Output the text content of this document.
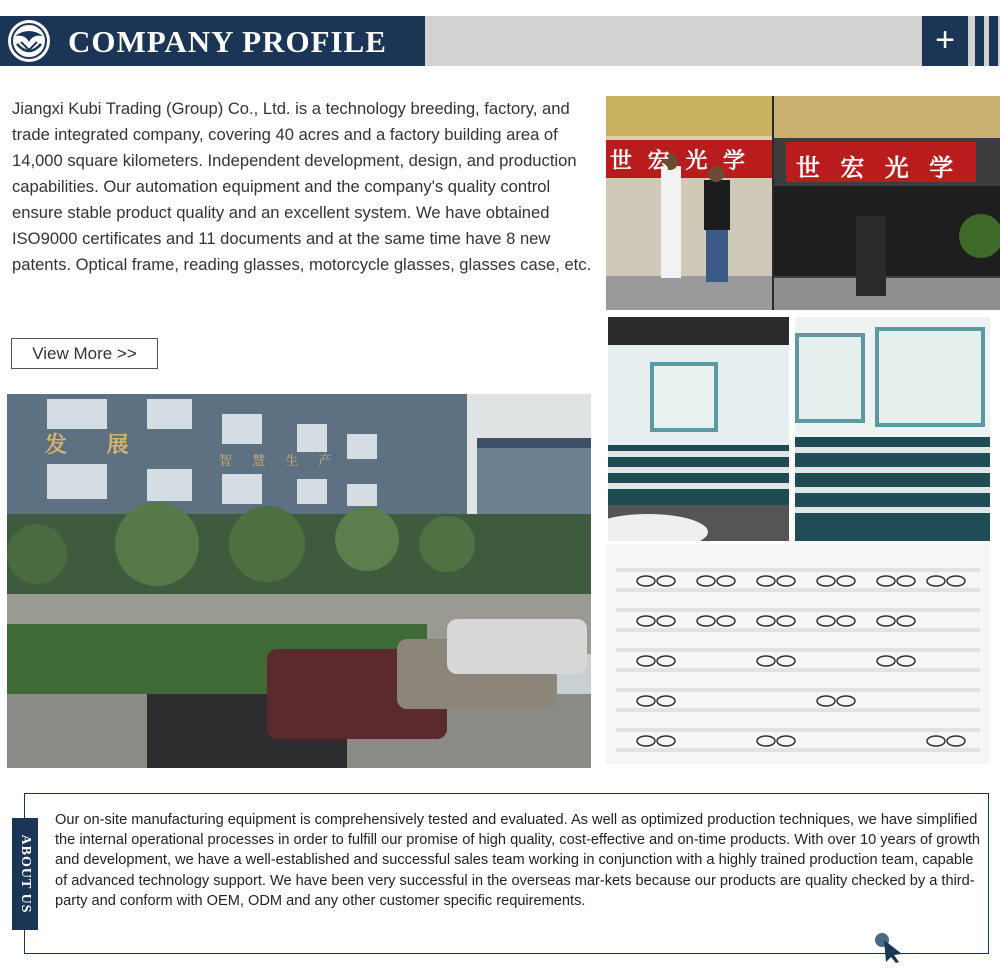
COMPANY PROFILE	+
Jiangxi Kubi Trading (Group) Co., Ltd. is a technology breeding, factory, and trade integrated company, covering 40 acres and a factory building area of 14,000 square kilometers. Independent development, design, and production capabilities. Our automation equipment and the company's quality control ensure stable product quality and an excellent system. We have obtained ISO9000 certificates and 11 documents and at the same time have 8 new patents. Optical frame, reading glasses, motorcycle glasses, glasses case, etc.
View More >>
世 宏 光 学 世 宏 光 学
发 展
智 慧 生 产
ABOUT US
Our on-site manufacturing equipment is comprehensively tested and evaluated. As well as optimized production techniques, we have simplified the internal operational processes in order to fulfill our promise of high quality, cost-effective and on-time products. With over 10 years of growth and development, we have a well-established and successful sales team working in conjunction with a highly trained production team, capable of advanced technology support. We have been very successful in the overseas mar-kets because our products are quality checked by a third-party and conform with OEM, ODM and any other customer specific requirements.
